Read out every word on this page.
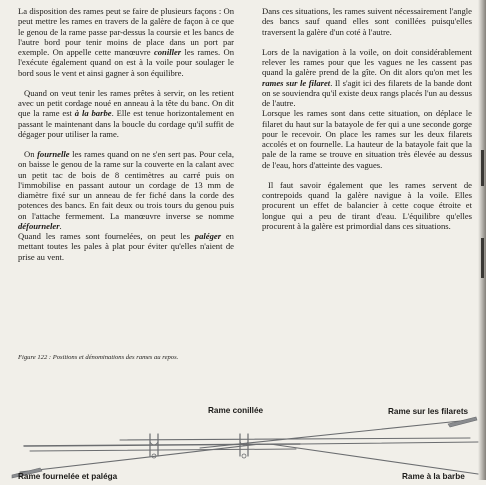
La disposition des rames peut se faire de plusieurs façons : On peut mettre les rames en travers de la galère de façon à ce que le genou de la rame passe par-dessus la coursie et les bancs de l'autre bord pour tenir moins de place dans un port par exemple. On appelle cette manœuvre coniller les rames. On l'exécute également quand on est à la voile pour soulager le bord sous le vent et ainsi gagner à son équilibre.

Quand on veut tenir les rames prêtes à servir, on les retient avec un petit cordage noué en anneau à la tête du banc. On dit que la rame est à la barbe. Elle est tenue horizontalement en passant le maintenant dans la boucle du cordage qu'il suffit de dégager pour utiliser la rame.

On fournelle les rames quand on ne s'en sert pas. Pour cela, on baisse le genou de la rame sur la couverte en la calant avec un petit tac de bois de 8 centimètres au carré puis on l'immobilise en passant autour un cordage de 13 mm de diamètre fixé sur un anneau de fer fiché dans la corde des potences des bancs. En fait deux ou trois tours du genou puis on l'attache fermement. La manœuvre inverse se nomme défourneler.

Quand les rames sont fournelées, on peut les paléger en mettant toutes les pales à plat pour éviter qu'elles n'aient de prise au vent.

Dans ces situations, les rames suivent nécessairement l'angle des bancs sauf quand elles sont conillées puisqu'elles traversent la galère d'un coté à l'autre.

Lors de la navigation à la voile, on doit considérablement relever les rames pour que les vagues ne les cassent pas quand la galère prend de la gîte. On dit alors qu'on met les rames sur le filaret. Il s'agit ici des filarets de la bande dont on se souviendra qu'il existe deux rangs placés l'un au dessus de l'autre.

Lorsque les rames sont dans cette situation, on déplace le filaret du haut sur la batayole de fer qui a une seconde gorge pour le recevoir. On place les rames sur les deux filarets accolés et on fournelle. La hauteur de la batayole fait que la pale de la rame se trouve en situation très élevée au dessus de l'eau, hors d'atteinte des vagues.

Il faut savoir également que les rames servent de contrepoids quand la galère navigue à la voile. Elles procurent un effet de balancier à cette coque étroite et longue qui a peu de tirant d'eau. L'équilibre qu'elles procurent à la galère est primordial dans ces situations.

Figure 122 : Positions et dénominations des rames au repos.
Rame conillée	Rame sur les filarets
Rame fournelée et paléga	Rame à la barbe
